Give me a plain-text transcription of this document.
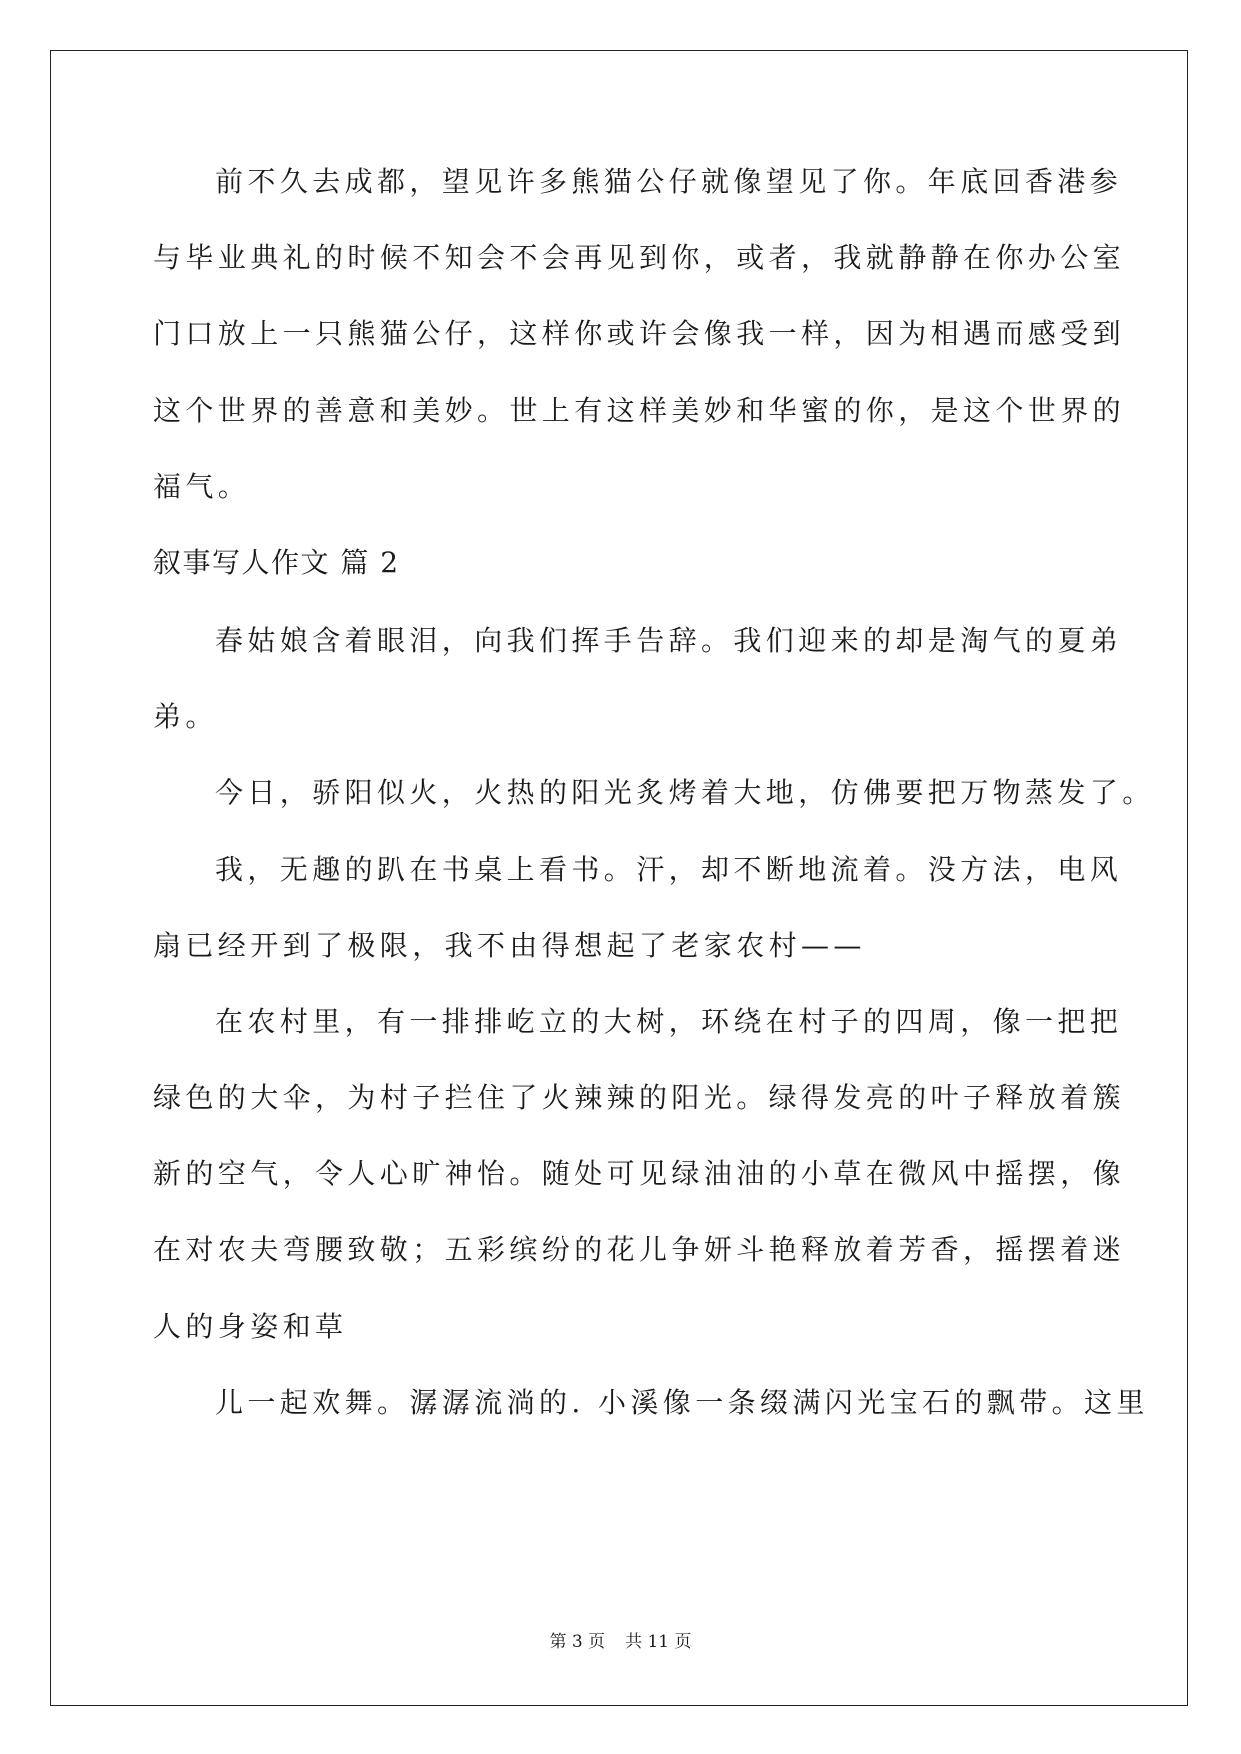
前不久去成都，望见许多熊猫公仔就像望见了你。年底回香港参
与毕业典礼的时候不知会不会再见到你，或者，我就静静在你办公室
门口放上一只熊猫公仔，这样你或许会像我一样，因为相遇而感受到
这个世界的善意和美妙。世上有这样美妙和华蜜的你，是这个世界的
福气。
叙事写人作文 篇 2
春姑娘含着眼泪，向我们挥手告辞。我们迎来的却是淘气的夏弟
弟。
今日，骄阳似火，火热的阳光炙烤着大地，仿佛要把万物蒸发了。
我，无趣的趴在书桌上看书。汗，却不断地流着。没方法，电风
扇已经开到了极限，我不由得想起了老家农村——
在农村里，有一排排屹立的大树，环绕在村子的四周，像一把把
绿色的大伞，为村子拦住了火辣辣的阳光。绿得发亮的叶子释放着簇
新的空气，令人心旷神怡。随处可见绿油油的小草在微风中摇摆，像
在对农夫弯腰致敬；五彩缤纷的花儿争妍斗艳释放着芳香，摇摆着迷
人的身姿和草
儿一起欢舞。潺潺流淌的. 小溪像一条缀满闪光宝石的飘带。这里
第 3 页 共 11 页
